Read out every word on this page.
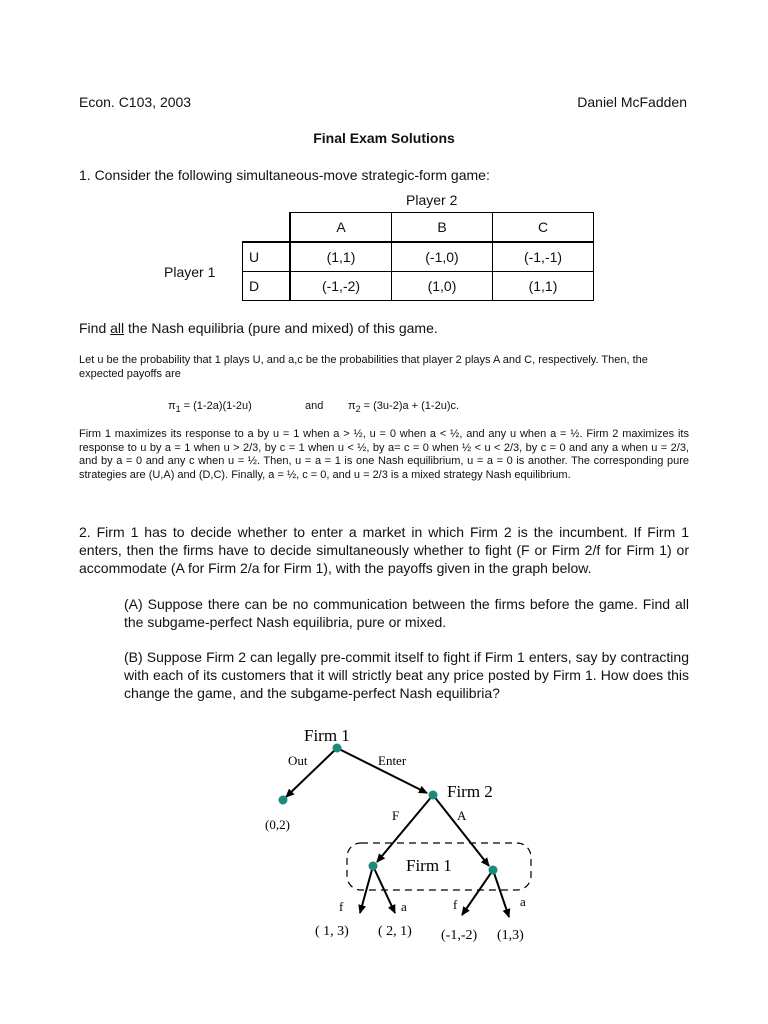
Econ. C103, 2003	Daniel McFadden
Final Exam Solutions
1. Consider the following simultaneous-move strategic-form game:
Player 2
Player 1
	A	B	C
U	(1,1)	(-1,0)	(-1,-1)
D	(-1,-2)	(1,0)	(1,1)
Find all the Nash equilibria (pure and mixed) of this game.
Let u be the probability that 1 plays U, and a,c be the probabilities that player 2 plays A and C, respectively. Then, the expected payoffs are
$\pi_1 = (1-2a)(1-2u)$	and $\pi_2 = (3u-2)a + (1-2u)c$.
Firm 1 maximizes its response to a by u = 1 when a > ½, u = 0 when a < ½, and any u when a = ½. Firm 2 maximizes its response to u by a = 1 when u > 2/3, by c = 1 when u < ½, by a= c = 0 when ½ < u < 2/3, by c = 0 and any a when u = 2/3, and by a = 0 and any c when u = ½. Then, u = a = 1 is one Nash equilibrium, u = a = 0 is another. The corresponding pure strategies are (U,A) and (D,C). Finally, a = ½, c = 0, and u = 2/3 is a mixed strategy Nash equilibrium.
2. Firm 1 has to decide whether to enter a market in which Firm 2 is the incumbent. If Firm 1 enters, then the firms have to decide simultaneously whether to fight (F or Firm 2/f for Firm 1) or accommodate (A for Firm 2/a for Firm 1), with the payoffs given in the graph below.
(A) Suppose there can be no communication between the firms before the game. Find all the subgame-perfect Nash equilibria, pure or mixed.
(B) Suppose Firm 2 can legally pre-commit itself to fight if Firm 1 enters, say by contracting with each of its customers that it will strictly beat any price posted by Firm 1. How does this change the game, and the subgame-perfect Nash equilibria?
Firm 1
Out	Enter
Firm 2
(0,2)
F	A
Firm 1
f	a	f	a
( 1, 3) ( 2, 1) (-1,-2) (1,3)
